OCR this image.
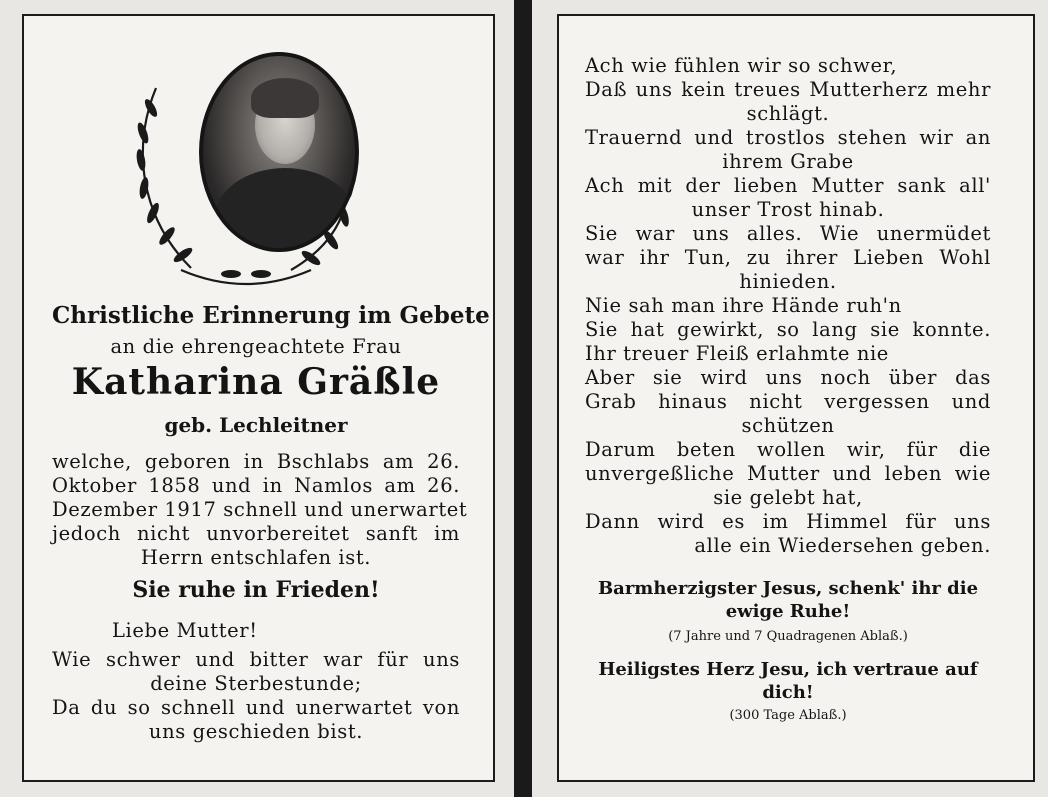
Christliche Erinnerung im Gebete
an die ehrengeachtete Frau
Katharina Gräßle
geb. Lechleitner
welche, geboren in Bschlabs am 26.
Oktober 1858 und in Namlos am 26.
Dezember 1917 schnell und unerwartet
jedoch nicht unvorbereitet sanft im
Herrn entschlafen ist.
Sie ruhe in Frieden!
Liebe Mutter!
Wie schwer und bitter war für uns
deine Sterbestunde;
Da du so schnell und unerwartet von
uns geschieden bist.
Ach wie fühlen wir so schwer,
Daß uns kein treues Mutterherz mehr
schlägt.
Trauernd und trostlos stehen wir an
ihrem Grabe
Ach mit der lieben Mutter sank all'
unser Trost hinab.
Sie war uns alles. Wie unermüdet
war ihr Tun, zu ihrer Lieben Wohl
hinieden.
Nie sah man ihre Hände ruh'n
Sie hat gewirkt, so lang sie konnte.
Ihr treuer Fleiß erlahmte nie
Aber sie wird uns noch über das
Grab hinaus nicht vergessen und
schützen
Darum beten wollen wir, für die
unvergeßliche Mutter und leben wie
sie gelebt hat,
Dann wird es im Himmel für uns
alle ein Wiedersehen geben.
Barmherzigster Jesus, schenk' ihr die
ewige Ruhe!
(7 Jahre und 7 Quadragenen Ablaß.)
Heiligstes Herz Jesu, ich vertraue auf
dich!
(300 Tage Ablaß.)
